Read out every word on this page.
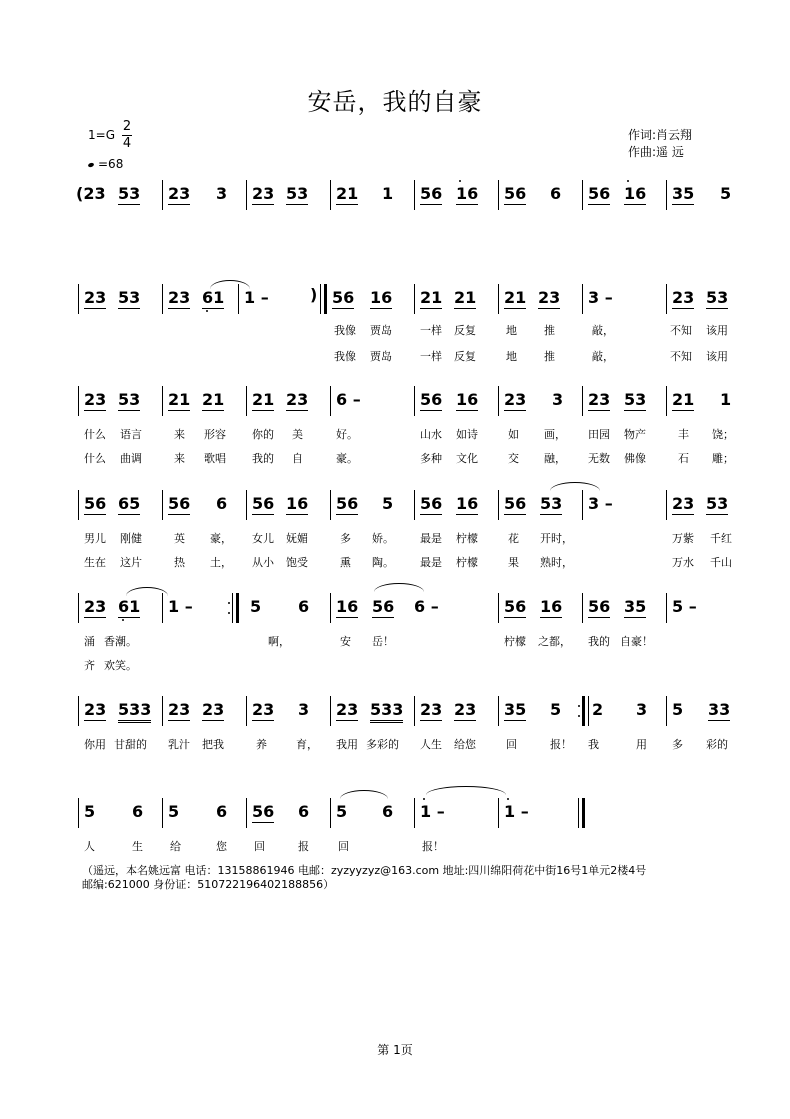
安岳，我的自豪
1=G
2
4
=68
作词:肖云翔
作曲:遥 远
(23 53 23 3 23 53 21 1 56 16 56 6 56 16 35 5
23 53 23 61 1 –	) 56 16 21 21 21 23 3 –	23 53
我像 贾岛	一样 反复	地 推	敲，	不知 该用
我像 贾岛	一样 反复	地 推	敲，	不知 该用
23 53 21 21 21 23 6 –	56 16 23 3 23 53 21 1
什么 语言	来 形容 你的 美	好。	山水 如诗	如 画， 田园 物产	丰 饶；
什么 曲调	来 歌唱 我的 自	豪。	多种 文化	交 融， 无数 佛像	石 雕；
56 65 56 6 56 16 56 5 56 16 56 53 3 –	23 53
男儿 刚健	英 豪， 女儿 妩媚	多 娇。 最是 柠檬	花 开时，	万紫 千红
生在 这片	热 土， 从小 饱受	熏 陶。 最是 柠檬	果 熟时，	万水 千山
23 61 1 –	5 6 16 56 6 –	56 16 56 35 5 –
涌 香潮。	啊，	安 岳！	柠檬 之都， 我的 自豪！
齐 欢笑。
23 533 23 23 23 3 23 533 23 23 35 5 2 3 5 33
你用 甘甜的 乳汁 把我	养	育， 我用 多彩的 人生 给您	回	报！ 我	用 多 彩的
5 6 5 6 56 6 5 6 1 –	1 –
人	生 给	您 回	报	回	报！
（遥远，本名姚远富 电话：13158861946 电邮：zyzyyzyz@163.com 地址:四川绵阳荷花中街16号1单元2楼4号
邮编:621000 身份证：510722196402188856）
第 1页
